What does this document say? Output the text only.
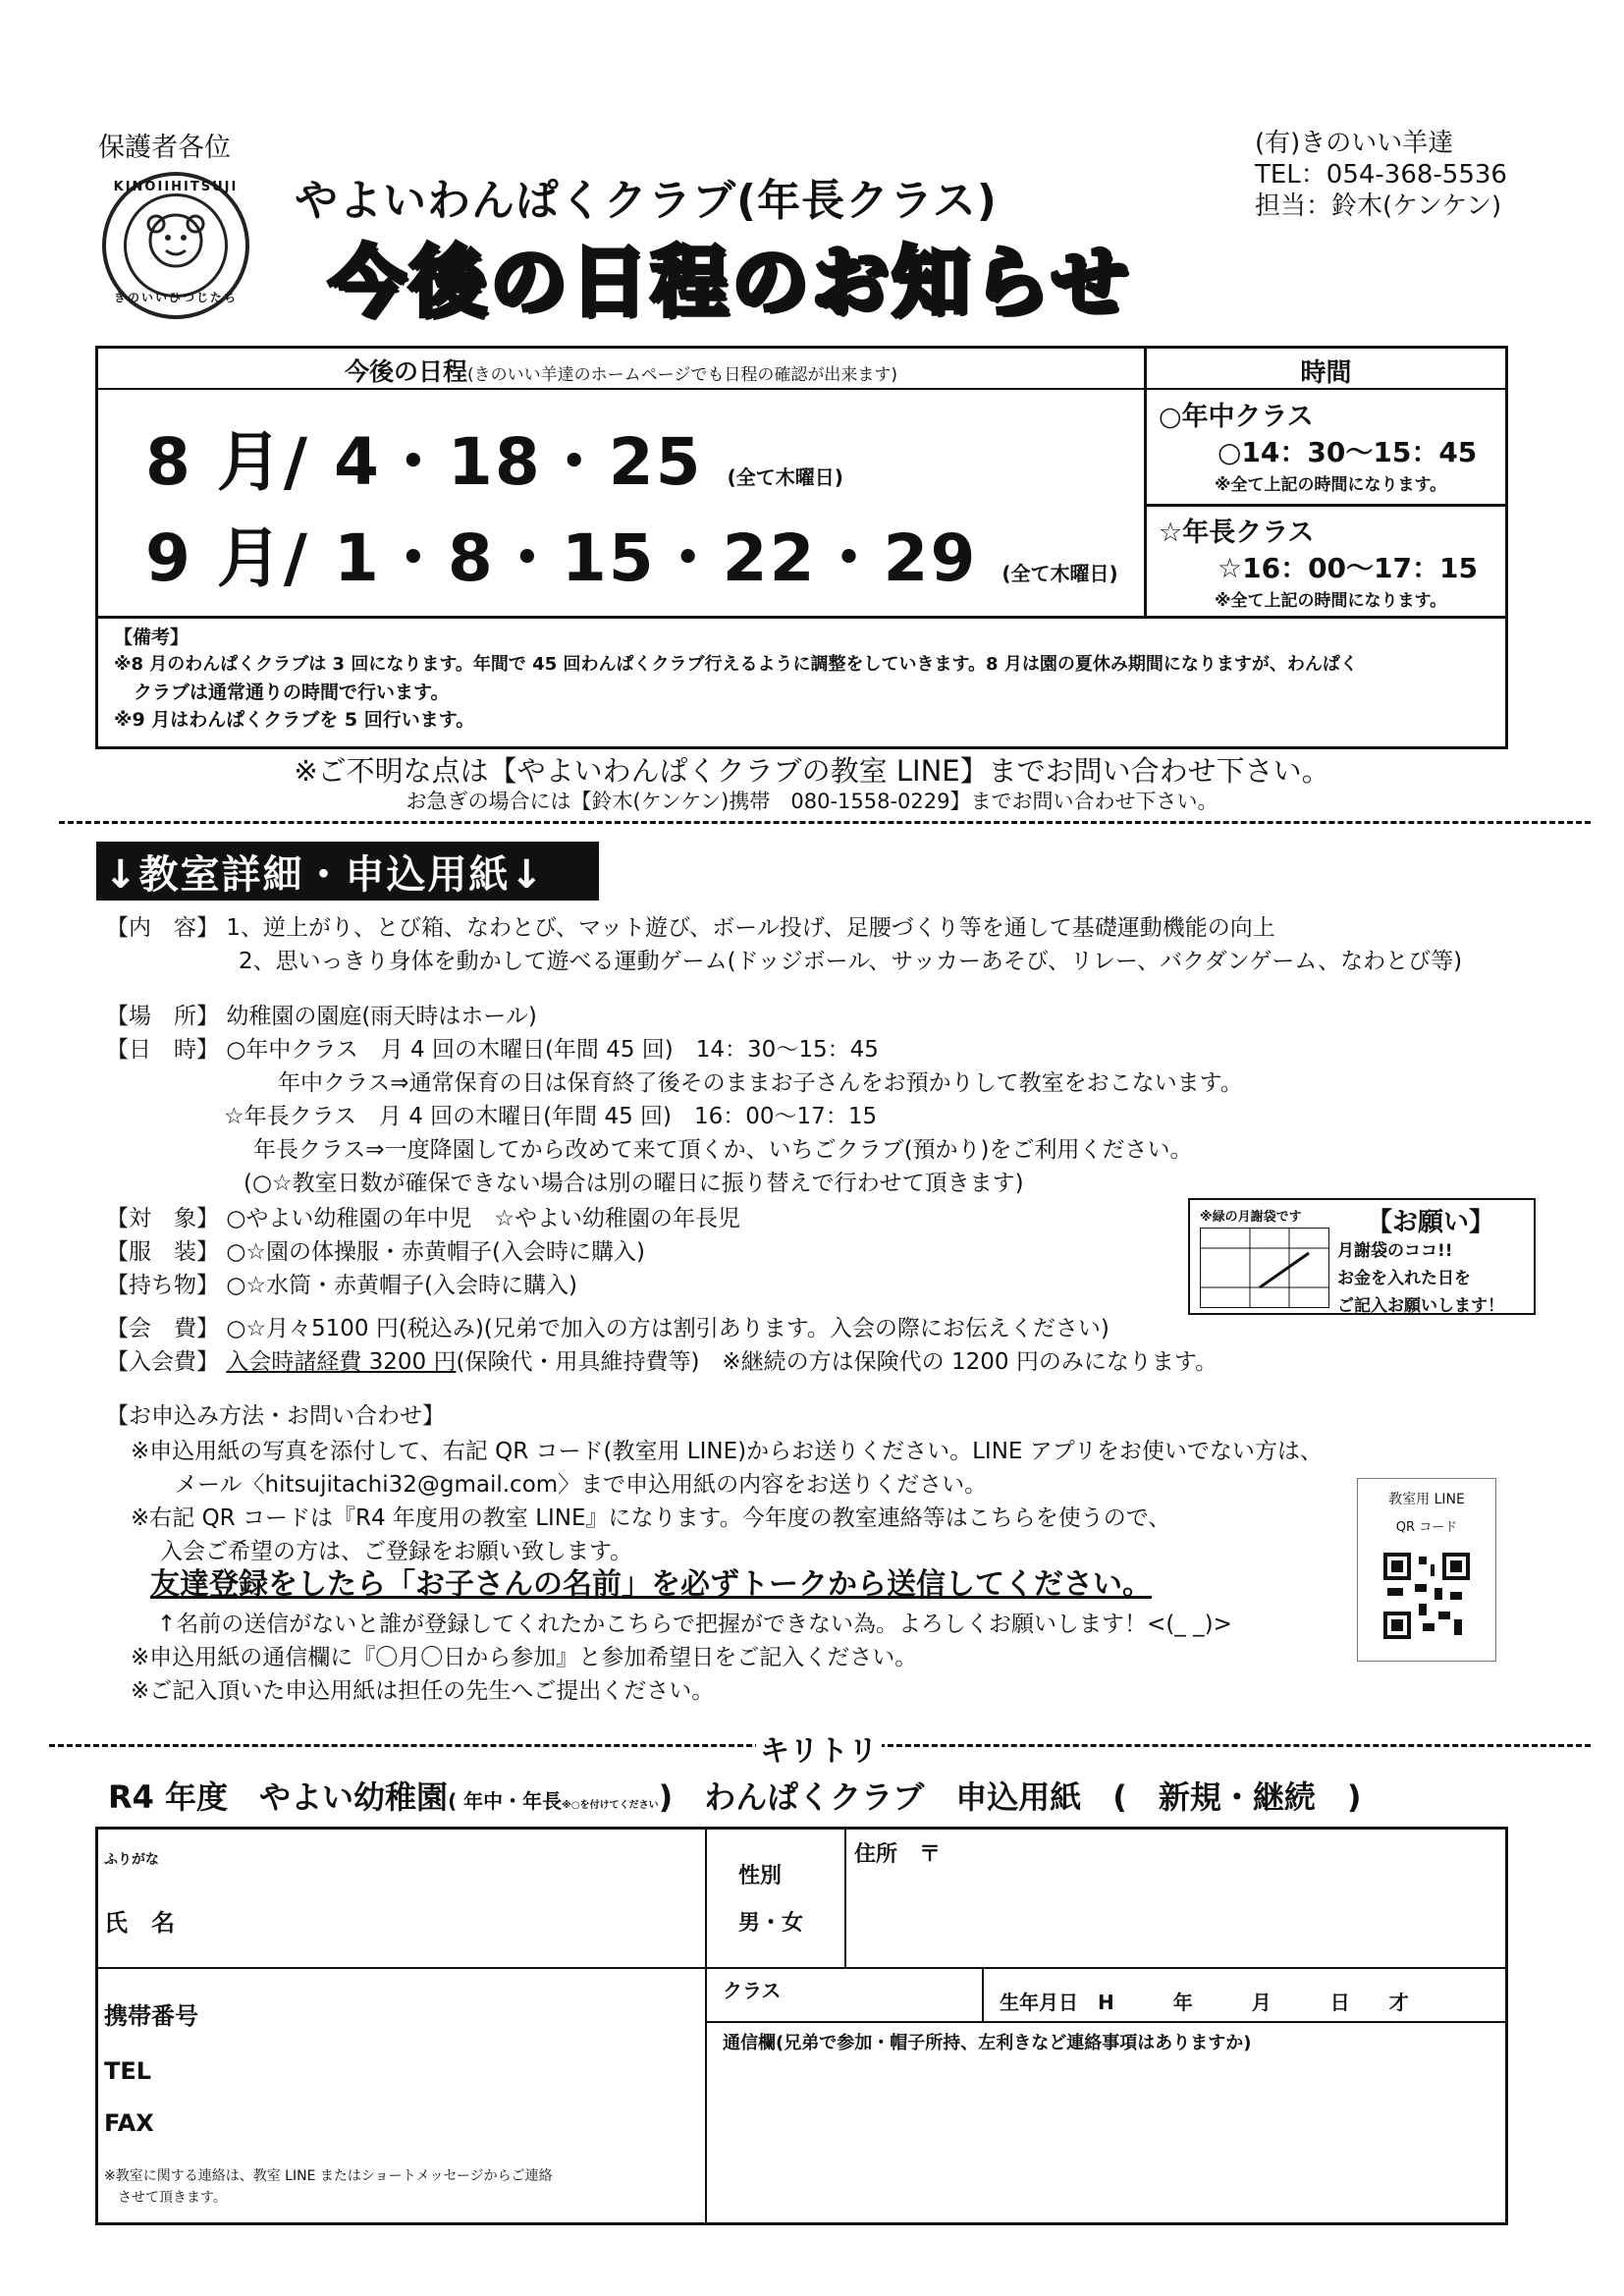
保護者各位
KINOIIHITSUJI
きのいいひつじたち
やよいわんぱくクラブ(年長クラス)
今後の日程のお知らせ
(有)きのいい羊達
TEL：054-368-5536
担当：鈴木(ケンケン)
今後の日程(きのいい羊達のホームページでも日程の確認が出来ます)	時間
8 月/ 4・18・25 (全て木曜日)
9 月/ 1・8・15・22・29 (全て木曜日)
○年中クラス
○14：30～15：45
※全て上記の時間になります。
☆年長クラス
☆16：00～17：15
※全て上記の時間になります。
【備考】
※8 月のわんぱくクラブは 3 回になります。年間で 45 回わんぱくクラブ行えるように調整をしていきます。8 月は園の夏休み期間になりますが、わんぱく
クラブは通常通りの時間で行います。
※9 月はわんぱくクラブを 5 回行います。
※ご不明な点は【やよいわんぱくクラブの教室 LINE】までお問い合わせ下さい。
お急ぎの場合には【鈴木(ケンケン)携帯　080-1558-0229】までお問い合わせ下さい。
↓教室詳細・申込用紙↓
【内　容】 1、逆上がり、とび箱、なわとび、マット遊び、ボール投げ、足腰づくり等を通して基礎運動機能の向上
2、思いっきり身体を動かして遊べる運動ゲーム(ドッジボール、サッカーあそび、リレー、バクダンゲーム、なわとび等)
【場　所】 幼稚園の園庭(雨天時はホール)
【日　時】 ○年中クラス　月 4 回の木曜日(年間 45 回)　14：30～15：45
年中クラス⇒通常保育の日は保育終了後そのままお子さんをお預かりして教室をおこないます。
☆年長クラス　月 4 回の木曜日(年間 45 回)　16：00～17：15
年長クラス⇒一度降園してから改めて来て頂くか、いちごクラブ(預かり)をご利用ください。
(○☆教室日数が確保できない場合は別の曜日に振り替えで行わせて頂きます)
【対　象】 ○やよい幼稚園の年中児　☆やよい幼稚園の年長児
【服　装】 ○☆園の体操服・赤黄帽子(入会時に購入)
【持ち物】 ○☆水筒・赤黄帽子(入会時に購入)
【会　費】 ○☆月々5100 円(税込み)(兄弟で加入の方は割引あります。入会の際にお伝えください)
【入会費】 入会時諸経費 3200 円(保険代・用具維持費等)　※継続の方は保険代の 1200 円のみになります。
※緑の月謝袋です	【お願い】
月謝袋のココ!!
お金を入れた日を
ご記入お願いします！
【お申込み方法・お問い合わせ】
※申込用紙の写真を添付して、右記 QR コード(教室用 LINE)からお送りください。LINE アプリをお使いでない方は、
メール〈hitsujitachi32@gmail.com〉まで申込用紙の内容をお送りください。
※右記 QR コードは『R4 年度用の教室 LINE』になります。今年度の教室連絡等はこちらを使うので、
入会ご希望の方は、ご登録をお願い致します。
友達登録をしたら「お子さんの名前」を必ずトークから送信してください。
↑名前の送信がないと誰が登録してくれたかこちらで把握ができない為。よろしくお願いします！<(_ _)>
※申込用紙の通信欄に『〇月〇日から参加』と参加希望日をご記入ください。
※ご記入頂いた申込用紙は担任の先生へご提出ください。
教室用 LINE
QR コード
キリトリ
R4 年度　やよい幼稚園( 年中・年長※○を付けてください)　わんぱくクラブ　申込用紙　(　新規・継続　)
ふりがな
氏　名
性別
男・女
住所　〒
携帯番号
クラス	生年月日　H　　　年　　　月　　　日　　才
TEL
FAX
通信欄(兄弟で参加・帽子所持、左利きなど連絡事項はありますか)
※教室に関する連絡は、教室 LINE またはショートメッセージからご連絡
させて頂きます。
